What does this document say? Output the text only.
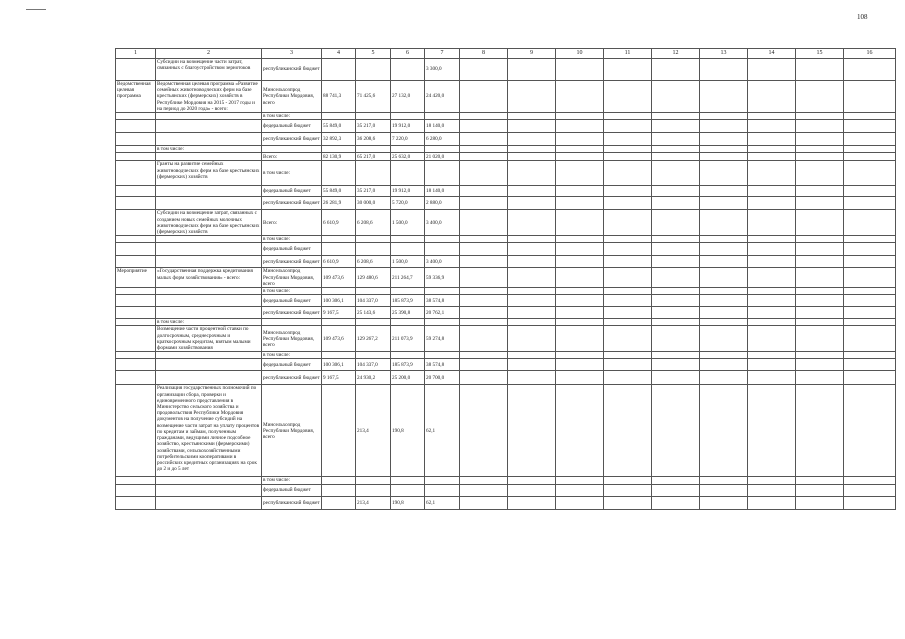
108
1	2	3	4	5	6	7	8	9	10	11	12	13	14	15	16
	Субсидии на возмещение части затрат, связанных с благоустройством зернотоков	республиканский бюджет				3 300,0									
Ведомственная целевая программа	Ведомственная целевая программа «Развитие семейных животноводческих ферм на базе крестьянских (фермерских) хозяйств в Республике Мордовия на 2015 - 2017 годы и на период до 2020 года» - всего:	Минсельхозпрод Республики Мордовия, всего	88 741,3	71 425,6	27 132,0	24 420,0									
		в том числе:													
		федеральный бюджет	55 849,0	35 217,0	19 912,0	18 140,0									
		республиканский бюджет	32 892,3	36 208,6	7 220,0	6 280,0									
	в том числе:														
		Всего:	82 130,9	65 217,0	25 632,0	21 020,0									
	Гранты на развитие семейных животноводческих ферм на базе крестьянских (фермерских) хозяйств	в том числе:													
		федеральный бюджет	55 849,0	35 217,0	19 912,0	18 140,0									
		республиканский бюджет	26 281,9	30 000,0	5 720,0	2 880,0									
	Субсидии на возмещение затрат, связанных с созданием новых семейных молочных животноводческих ферм на базе крестьянских (фермерских) хозяйств	Всего:	6 610,9	6 208,6	1 500,0	3 400,0									
		в том числе:													
		федеральный бюджет													
		республиканский бюджет	6 610,9	6 208,6	1 500,0	3 400,0									
Мероприятие	«Государственная поддержка кредитования малых форм хозяйствования» - всего:	Минсельхозпрод Республики Мордовия, всего	109 473,6	129 480,6	211 264,7	59 336,9									
		в том числе:													
		федеральный бюджет	100 306,1	104 337,0	185 873,9	38 574,8									
		республиканский бюджет	9 167,5	25 143,6	25 390,8	20 762,1									
	в том числе:														
	Возмещение части процентной ставки по долгосрочным, среднесрочным и краткосрочным кредитам, взятым малыми формами хозяйствования	Минсельхозпрод Республики Мордовия, всего	109 473,6	129 267,2	211 073,9	59 274,8									
		в том числе:													
		федеральный бюджет	100 306,1	104 337,0	185 873,9	38 574,8									
		республиканский бюджет	9 167,5	24 930,2	25 200,0	20 700,0									
	Реализация государственных полномочий по организации сбора, проверки и единовременного представления в Министерство сельского хозяйства и продовольствия Республики Мордовия документов на получение субсидий на возмещение части затрат на уплату процентов по кредитам и займам, полученным гражданами, ведущими личное подсобное хозяйство, крестьянскими (фермерскими) хозяйствами, сельскохозяйственными потребительскими кооперативами в российских кредитных организациях на срок до 2 и до 5 лет	Минсельхозпрод Республики Мордовия, всего		213,4	190,8	62,1									
		в том числе:													
		федеральный бюджет													
		республиканский бюджет		213,4	190,8	62,1									
